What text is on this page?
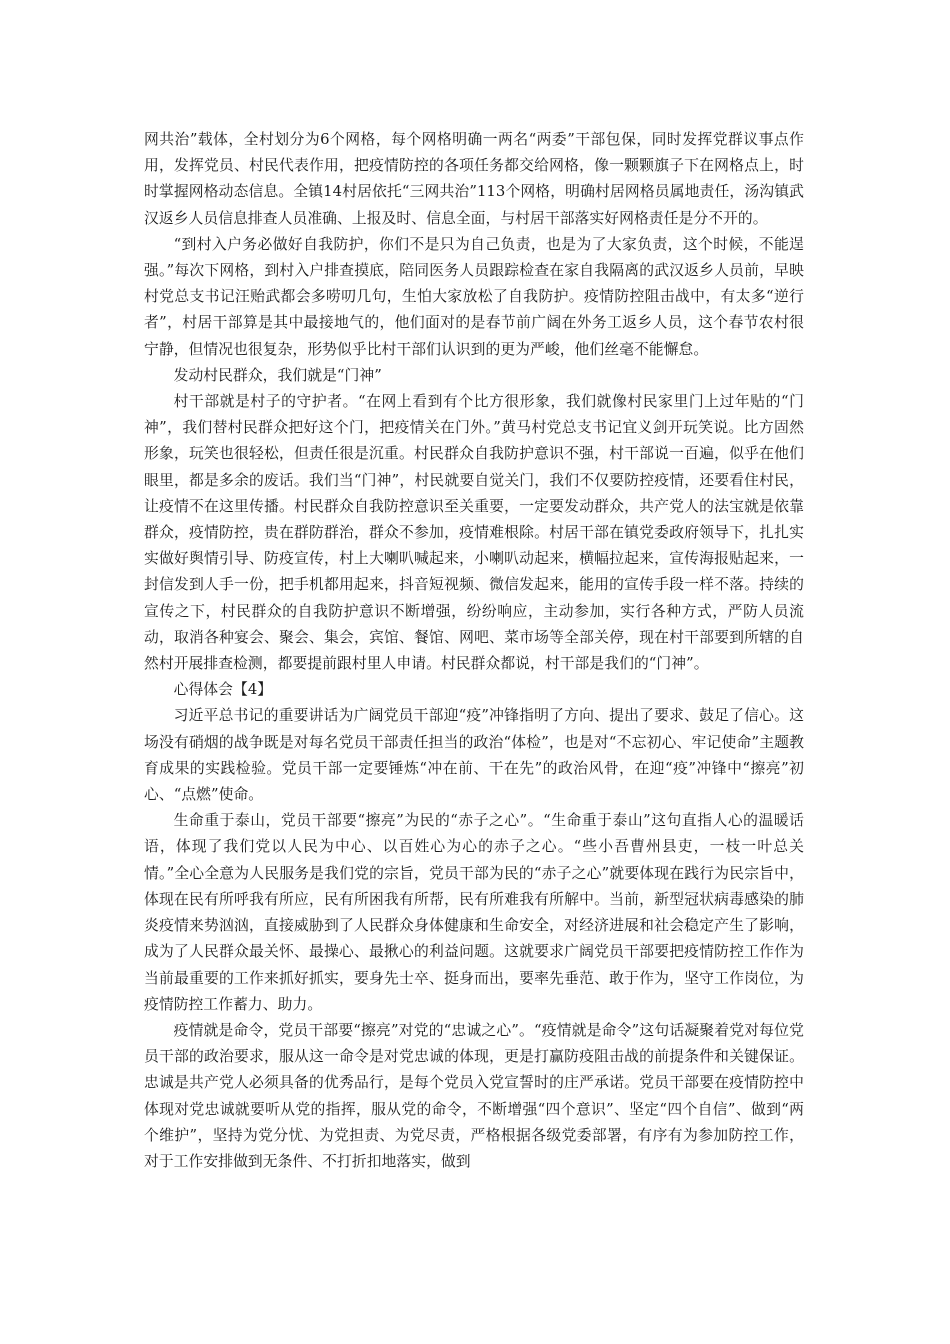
网共治”载体，全村划分为6个网格，每个网格明确一两名“两委”干部包保，同时发挥党群议事点作用，发挥党员、村民代表作用，把疫情防控的各项任务都交给网格，像一颗颗旗子下在网格点上，时时掌握网格动态信息。全镇14村居依托“三网共治”113个网格，明确村居网格员属地责任，汤沟镇武汉返乡人员信息排查人员准确、上报及时、信息全面，与村居干部落实好网格责任是分不开的。

“到村入户务必做好自我防护，你们不是只为自己负责，也是为了大家负责，这个时候，不能逞强。”每次下网格，到村入户排查摸底，陪同医务人员跟踪检查在家自我隔离的武汉返乡人员前，早映村党总支书记汪贻武都会多唠叨几句，生怕大家放松了自我防护。疫情防控阻击战中，有太多“逆行者”，村居干部算是其中最接地气的，他们面对的是春节前广阔在外务工返乡人员，这个春节农村很宁静，但情况也很复杂，形势似乎比村干部们认识到的更为严峻，他们丝毫不能懈怠。

发动村民群众，我们就是“门神”

村干部就是村子的守护者。“在网上看到有个比方很形象，我们就像村民家里门上过年贴的“门神”，我们替村民群众把好这个门，把疫情关在门外。”黄马村党总支书记宜义剑开玩笑说。比方固然形象，玩笑也很轻松，但责任很是沉重。村民群众自我防护意识不强，村干部说一百遍，似乎在他们眼里，都是多余的废话。我们当“门神”，村民就要自觉关门，我们不仅要防控疫情，还要看住村民，让疫情不在这里传播。村民群众自我防控意识至关重要，一定要发动群众，共产党人的法宝就是依靠群众，疫情防控，贵在群防群治，群众不参加，疫情难根除。村居干部在镇党委政府领导下，扎扎实实做好舆情引导、防疫宣传，村上大喇叭喊起来，小喇叭动起来，横幅拉起来，宣传海报贴起来，一封信发到人手一份，把手机都用起来，抖音短视频、微信发起来，能用的宣传手段一样不落。持续的宣传之下，村民群众的自我防护意识不断增强，纷纷响应，主动参加，实行各种方式，严防人员流动，取消各种宴会、聚会、集会，宾馆、餐馆、网吧、菜市场等全部关停，现在村干部要到所辖的自然村开展排查检测，都要提前跟村里人申请。村民群众都说，村干部是我们的“门神”。

心得体会【4】

习近平总书记的重要讲话为广阔党员干部迎“疫”冲锋指明了方向、提出了要求、鼓足了信心。这场没有硝烟的战争既是对每名党员干部责任担当的政治“体检”，也是对“不忘初心、牢记使命”主题教育成果的实践检验。党员干部一定要锤炼“冲在前、干在先”的政治风骨，在迎“疫”冲锋中“擦亮”初心、“点燃”使命。

生命重于泰山，党员干部要“擦亮”为民的“赤子之心”。“生命重于泰山”这句直指人心的温暖话语，体现了我们党以人民为中心、以百姓心为心的赤子之心。“些小吾曹州县吏，一枝一叶总关情。”全心全意为人民服务是我们党的宗旨，党员干部为民的“赤子之心”就要体现在践行为民宗旨中，体现在民有所呼我有所应，民有所困我有所帮，民有所难我有所解中。当前，新型冠状病毒感染的肺炎疫情来势汹汹，直接威胁到了人民群众身体健康和生命安全，对经济进展和社会稳定产生了影响，成为了人民群众最关怀、最操心、最揪心的利益问题。这就要求广阔党员干部要把疫情防控工作作为当前最重要的工作来抓好抓实，要身先士卒、挺身而出，要率先垂范、敢于作为，坚守工作岗位，为疫情防控工作蓄力、助力。

疫情就是命令，党员干部要“擦亮”对党的“忠诚之心”。“疫情就是命令”这句话凝聚着党对每位党员干部的政治要求，服从这一命令是对党忠诚的体现，更是打赢防疫阻击战的前提条件和关键保证。忠诚是共产党人必须具备的优秀品行，是每个党员入党宣誓时的庄严承诺。党员干部要在疫情防控中体现对党忠诚就要听从党的指挥，服从党的命令，不断增强“四个意识”、坚定“四个自信”、做到“两个维护”，坚持为党分忧、为党担责、为党尽责，严格根据各级党委部署，有序有为参加防控工作，对于工作安排做到无条件、不打折扣地落实，做到
